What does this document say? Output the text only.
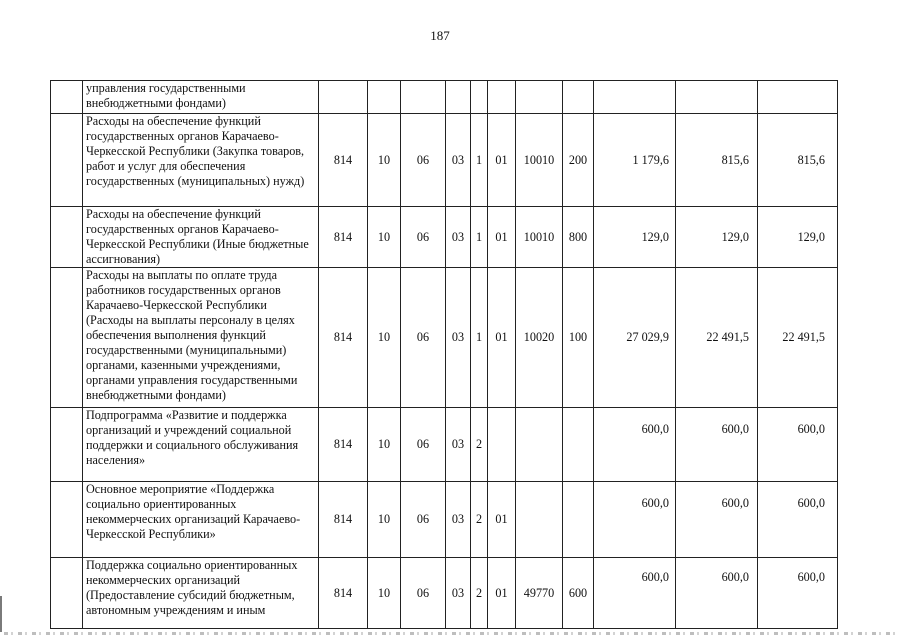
187
	управления государственными внебюджетными фондами)											
	Расходы на обеспечение функций государственных органов Карачаево-Черкесской Республики (Закупка товаров, работ и услуг для обеспечения государственных (муниципальных) нужд)	814	10	06	03	1	01	10010	200	1 179,6	815,6	815,6
	Расходы на обеспечение функций государственных органов Карачаево-Черкесской Республики (Иные бюджетные ассигнования)	814	10	06	03	1	01	10010	800	129,0	129,0	129,0
	Расходы на выплаты по оплате труда работников государственных органов Карачаево-Черкесской Республики (Расходы на выплаты персоналу в целях обеспечения выполнения функций государственными (муниципальными) органами, казенными учреждениями, органами управления государственными внебюджетными фондами)	814	10	06	03	1	01	10020	100	27 029,9	22 491,5	22 491,5
	Подпрограмма «Развитие и поддержка организаций и учреждений социальной поддержки и социального обслуживания населения»	814	10	06	03	2				600,0	600,0	600,0
	Основное мероприятие «Поддержка социально ориентированных некоммерческих организаций Карачаево-Черкесской Республики»	814	10	06	03	2	01			600,0	600,0	600,0
	Поддержка социально ориентированных некоммерческих организаций (Предоставление субсидий бюджетным, автономным учреждениям и иным	814	10	06	03	2	01	49770	600	600,0	600,0	600,0
